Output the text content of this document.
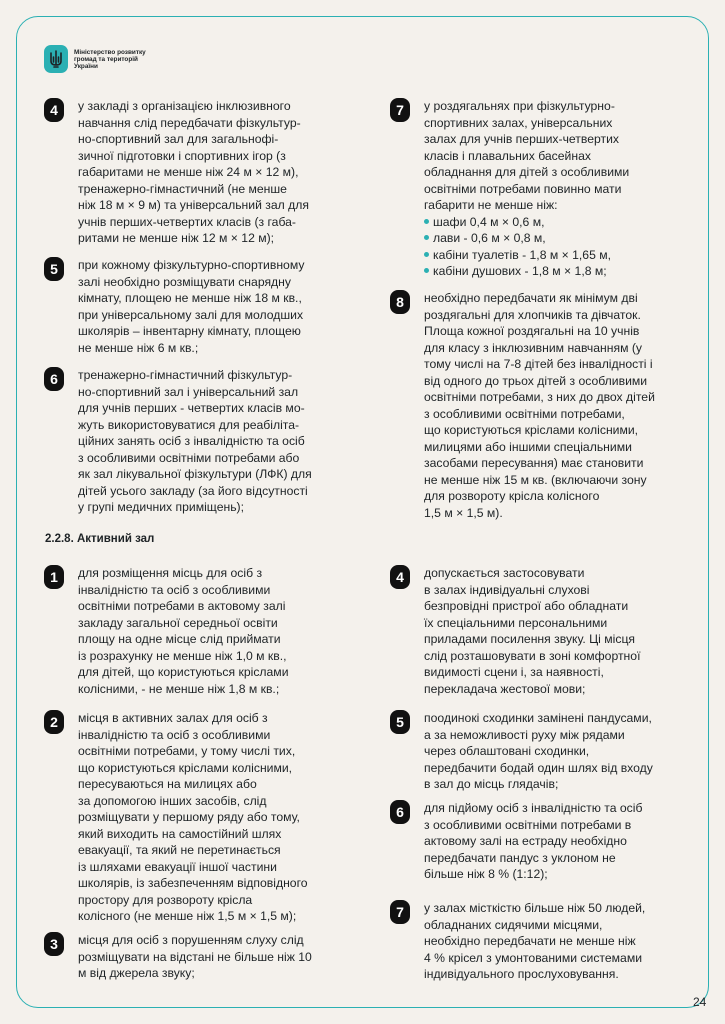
Міністерство розвитку
громад та територій
України
4	у закладі з організацією інклюзивного
навчання слід передбачати фізкультур-
но-спортивний зал для загальнофі-
зичної підготовки і спортивних ігор (з
габаритами не менше ніж 24 м × 12 м),
тренажерно-гімнастичний (не менше
ніж 18 м × 9 м) та універсальний зал для
учнів перших-четвертих класів (з габа-
ритами не менше ніж 12 м × 12 м);
5	при кожному фізкультурно-спортивному
залі необхідно розміщувати снарядну
кімнату, площею не менше ніж 18 м кв.,
при універсальному залі для молодших
школярів – інвентарну кімнату, площею
не менше ніж 6 м кв.;
6	тренажерно-гімнастичний фізкультур-
но-спортивний зал і універсальний зал
для учнів перших - четвертих класів мо-
жуть використовуватися для реабіліта-
ційних занять осіб з інвалідністю та осіб
з особливими освітніми потребами або
як зал лікувальної фізкультури (ЛФК) для
дітей усього закладу (за його відсутності
у групі медичних приміщень);
7	у роздягальнях при фізкультурно-
спортивних залах, універсальних
залах для учнів перших-четвертих
класів і плавальних басейнах
обладнання для дітей з особливими
освітніми потребами повинно мати
габарити не менше ніж:
шафи 0,4 м × 0,6 м,
лави - 0,6 м × 0,8 м,
кабіни туалетів - 1,8 м × 1,65 м,
кабіни душових - 1,8 м × 1,8 м;
8	необхідно передбачати як мінімум дві
роздягальні для хлопчиків та дівчаток.
Площа кожної роздягальні на 10 учнів
для класу з інклюзивним навчанням (у
тому числі на 7-8 дітей без інвалідності і
від одного до трьох дітей з особливими
освітніми потребами, з них до двох дітей
з особливими освітніми потребами,
що користуються кріслами колісними,
милицями або іншими спеціальними
засобами пересування) має становити
не менше ніж 15 м кв. (включаючи зону
для розвороту крісла колісного
1,5 м × 1,5 м).
2.2.8. Активний зал
1	для розміщення місць для осіб з
інвалідністю та осіб з особливими
освітніми потребами в актовому залі
закладу загальної середньої освіти
площу на одне місце слід приймати
із розрахунку не менше ніж 1,0 м кв.,
для дітей, що користуються кріслами
колісними, - не менше ніж 1,8 м кв.;
2	місця в активних залах для осіб з
інвалідністю та осіб з особливими
освітніми потребами, у тому числі тих,
що користуються кріслами колісними,
пересуваються на милицях або
за допомогою інших засобів, слід
розміщувати у першому ряду або тому,
який виходить на самостійний шлях
евакуації, та який не перетинається
із шляхами евакуації іншої частини
школярів, із забезпеченням відповідного
простору для розвороту крісла
колісного (не менше ніж 1,5 м × 1,5 м);
3	місця для осіб з порушенням слуху слід
розміщувати на відстані не більше ніж 10
м від джерела звуку;
4	допускається застосовувати
в залах індивідуальні слухові
безпровідні пристрої або обладнати
їх спеціальними персональними
приладами посилення звуку. Ці місця
слід розташовувати в зоні комфортної
видимості сцени і, за наявності,
перекладача жестової мови;
5	поодинокі сходинки замінені пандусами,
а за неможливості руху між рядами
через облаштовані сходинки,
передбачити бодай один шлях від входу
в зал до місць глядачів;
6	для підйому осіб з інвалідністю та осіб
з особливими освітніми потребами в
актовому залі на естраду необхідно
передбачати пандус з уклоном не
більше ніж 8 % (1:12);
7	у залах місткістю більше ніж 50 людей,
обладнаних сидячими місцями,
необхідно передбачати не менше ніж
4 % крісел з умонтованими системами
індивідуального прослуховування.
24
